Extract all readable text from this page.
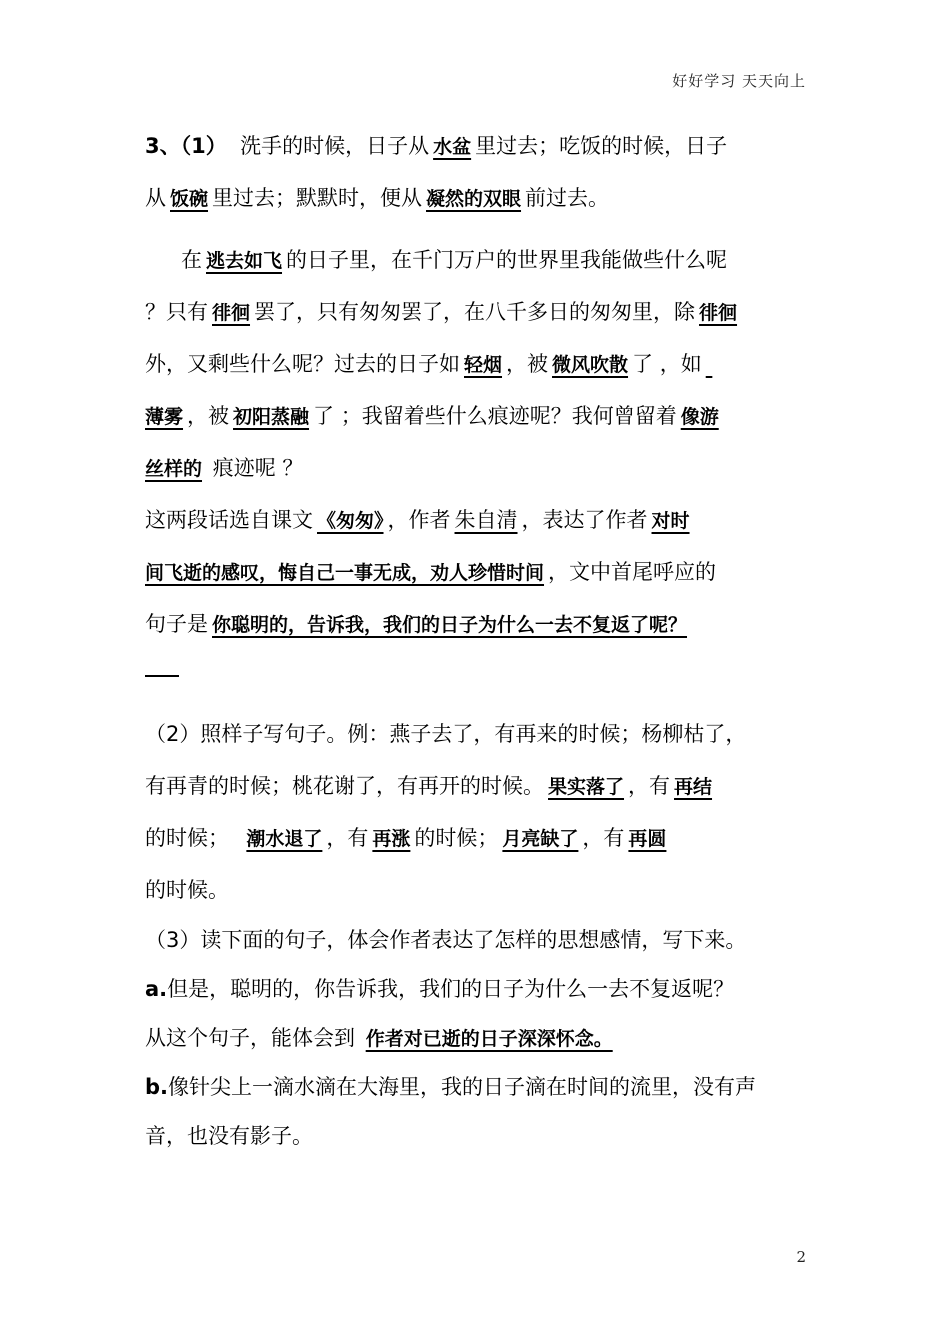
好好学习 天天向上
3、（1） 洗手的时候，日子从 水盆 里过去；吃饭的时候，日子
从 饭碗 里过去；默默时，便从 凝然的双眼 前过去。
在 逃去如飞 的日子里，在千门万户的世界里我能做些什么呢
？只有 徘徊 罢了，只有匆匆罢了，在八千多日的匆匆里，除 徘徊
外，又剩些什么呢？过去的日子如 轻烟 ，被 微风吹散 了 ，如
薄雾 ，被 初阳蒸融 了 ；我留着些什么痕迹呢？我何曾留着 像游
丝样的 痕迹呢 ？
这两段话选自课文 《匆匆》 ，作者 朱自清 ，表达了作者 对时
间飞逝的感叹，悔自己一事无成，劝人珍惜时间 ，文中首尾呼应的
句子是 你聪明的，告诉我，我们的日子为什么一去不复返了呢？
（2）照样子写句子。例：燕子去了，有再来的时候；杨柳枯了，
有再青的时候；桃花谢了，有再开的时候。 果实落了 ，有 再结
的时候； 潮水退了 ，有 再涨 的时候； 月亮缺了 ，有 再圆
的时候。
（3）读下面的句子，体会作者表达了怎样的思想感情，写下来。
a.但是，聪明的，你告诉我，我们的日子为什么一去不复返呢？
从这个句子，能体会到 作者对已逝的日子深深怀念。
b.像针尖上一滴水滴在大海里，我的日子滴在时间的流里，没有声
音，也没有影子。
2
